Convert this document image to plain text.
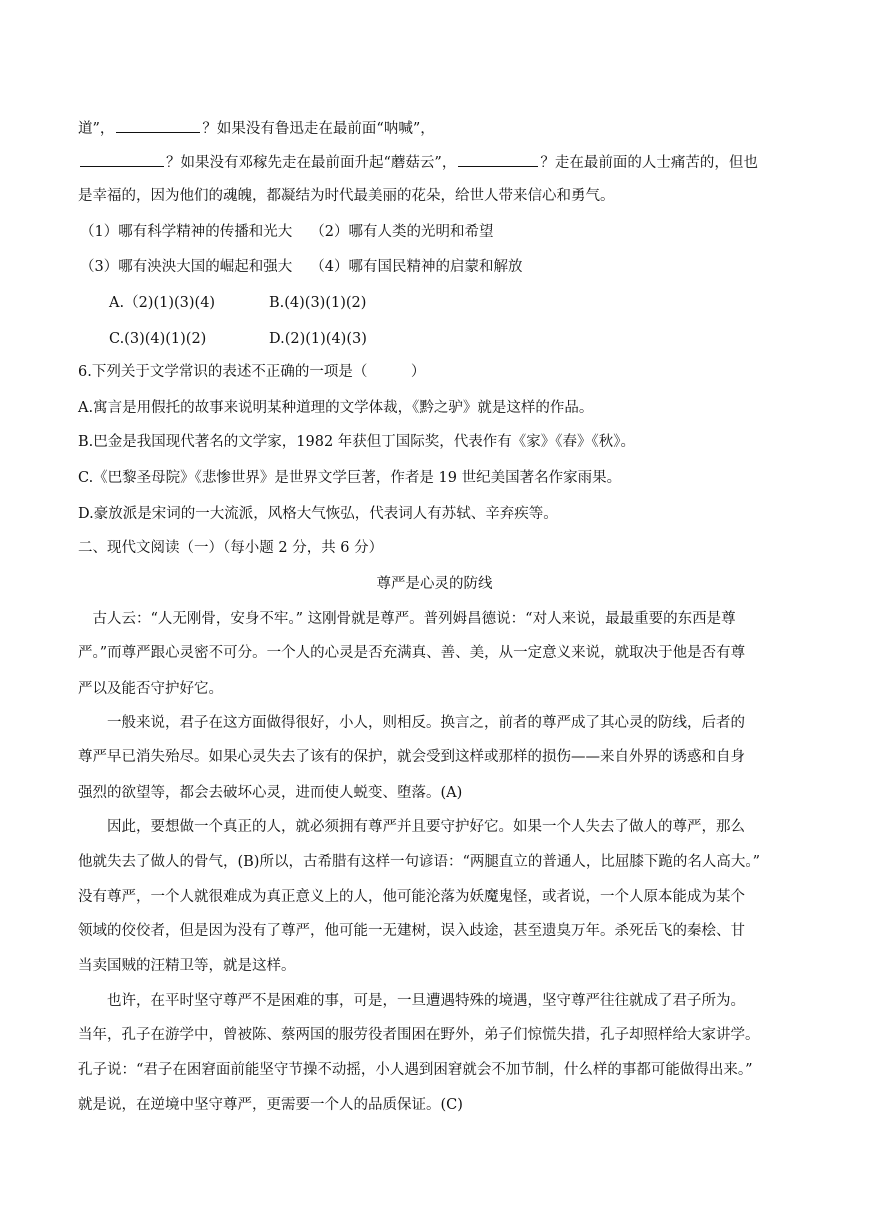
道”，	？如果没有鲁迅走在最前面“呐喊”，
？如果没有邓稼先走在最前面升起“蘑菇云”，	？走在最前面的人士痛苦的，但也
是幸福的，因为他们的魂魄，都凝结为时代最美丽的花朵，给世人带来信心和勇气。
（1）哪有科学精神的传播和光大 （2）哪有人类的光明和希望
（3）哪有泱泱大国的崛起和强大 （4）哪有国民精神的启蒙和解放
A.（2)(1)(3)(4)	B.(4)(3)(1)(2)
C.(3)(4)(1)(2)	D.(2)(1)(4)(3)
6.下列关于文学常识的表述不正确的一项是（　　　）
A.寓言是用假托的故事来说明某种道理的文学体裁，《黔之驴》就是这样的作品。
B.巴金是我国现代著名的文学家，1982 年获但丁国际奖，代表作有《家》《春》《秋》。
C.《巴黎圣母院》《悲惨世界》是世界文学巨著，作者是 19 世纪美国著名作家雨果。
D.豪放派是宋词的一大流派，风格大气恢弘，代表词人有苏轼、辛弃疾等。
二、现代文阅读（一）（每小题 2 分，共 6 分）
尊严是心灵的防线
　古人云：“人无刚骨，安身不牢。” 这刚骨就是尊严。普列姆昌德说：“对人来说，最最重要的东西是尊
严。”而尊严跟心灵密不可分。一个人的心灵是否充满真、善、美，从一定意义来说，就取决于他是否有尊
严以及能否守护好它。
　　一般来说，君子在这方面做得很好，小人，则相反。换言之，前者的尊严成了其心灵的防线，后者的
尊严早已消失殆尽。如果心灵失去了该有的保护，就会受到这样或那样的损伤——来自外界的诱惑和自身
强烈的欲望等，都会去破坏心灵，进而使人蜕变、堕落。(A)
　　因此，要想做一个真正的人，就必须拥有尊严并且要守护好它。如果一个人失去了做人的尊严，那么
他就失去了做人的骨气，(B)所以，古希腊有这样一句谚语：“两腿直立的普通人，比屈膝下跪的名人高大。”
没有尊严，一个人就很难成为真正意义上的人，他可能沦落为妖魔鬼怪，或者说，一个人原本能成为某个
领域的佼佼者，但是因为没有了尊严，他可能一无建树，误入歧途，甚至遗臭万年。杀死岳飞的秦桧、甘
当卖国贼的汪精卫等，就是这样。
　　也许，在平时坚守尊严不是困难的事，可是，一旦遭遇特殊的境遇，坚守尊严往往就成了君子所为。
当年，孔子在游学中，曾被陈、蔡两国的服劳役者围困在野外，弟子们惊慌失措，孔子却照样给大家讲学。
孔子说：“君子在困窘面前能坚守节操不动摇，小人遇到困窘就会不加节制，什么样的事都可能做得出来。”
就是说，在逆境中坚守尊严，更需要一个人的品质保证。(C)
